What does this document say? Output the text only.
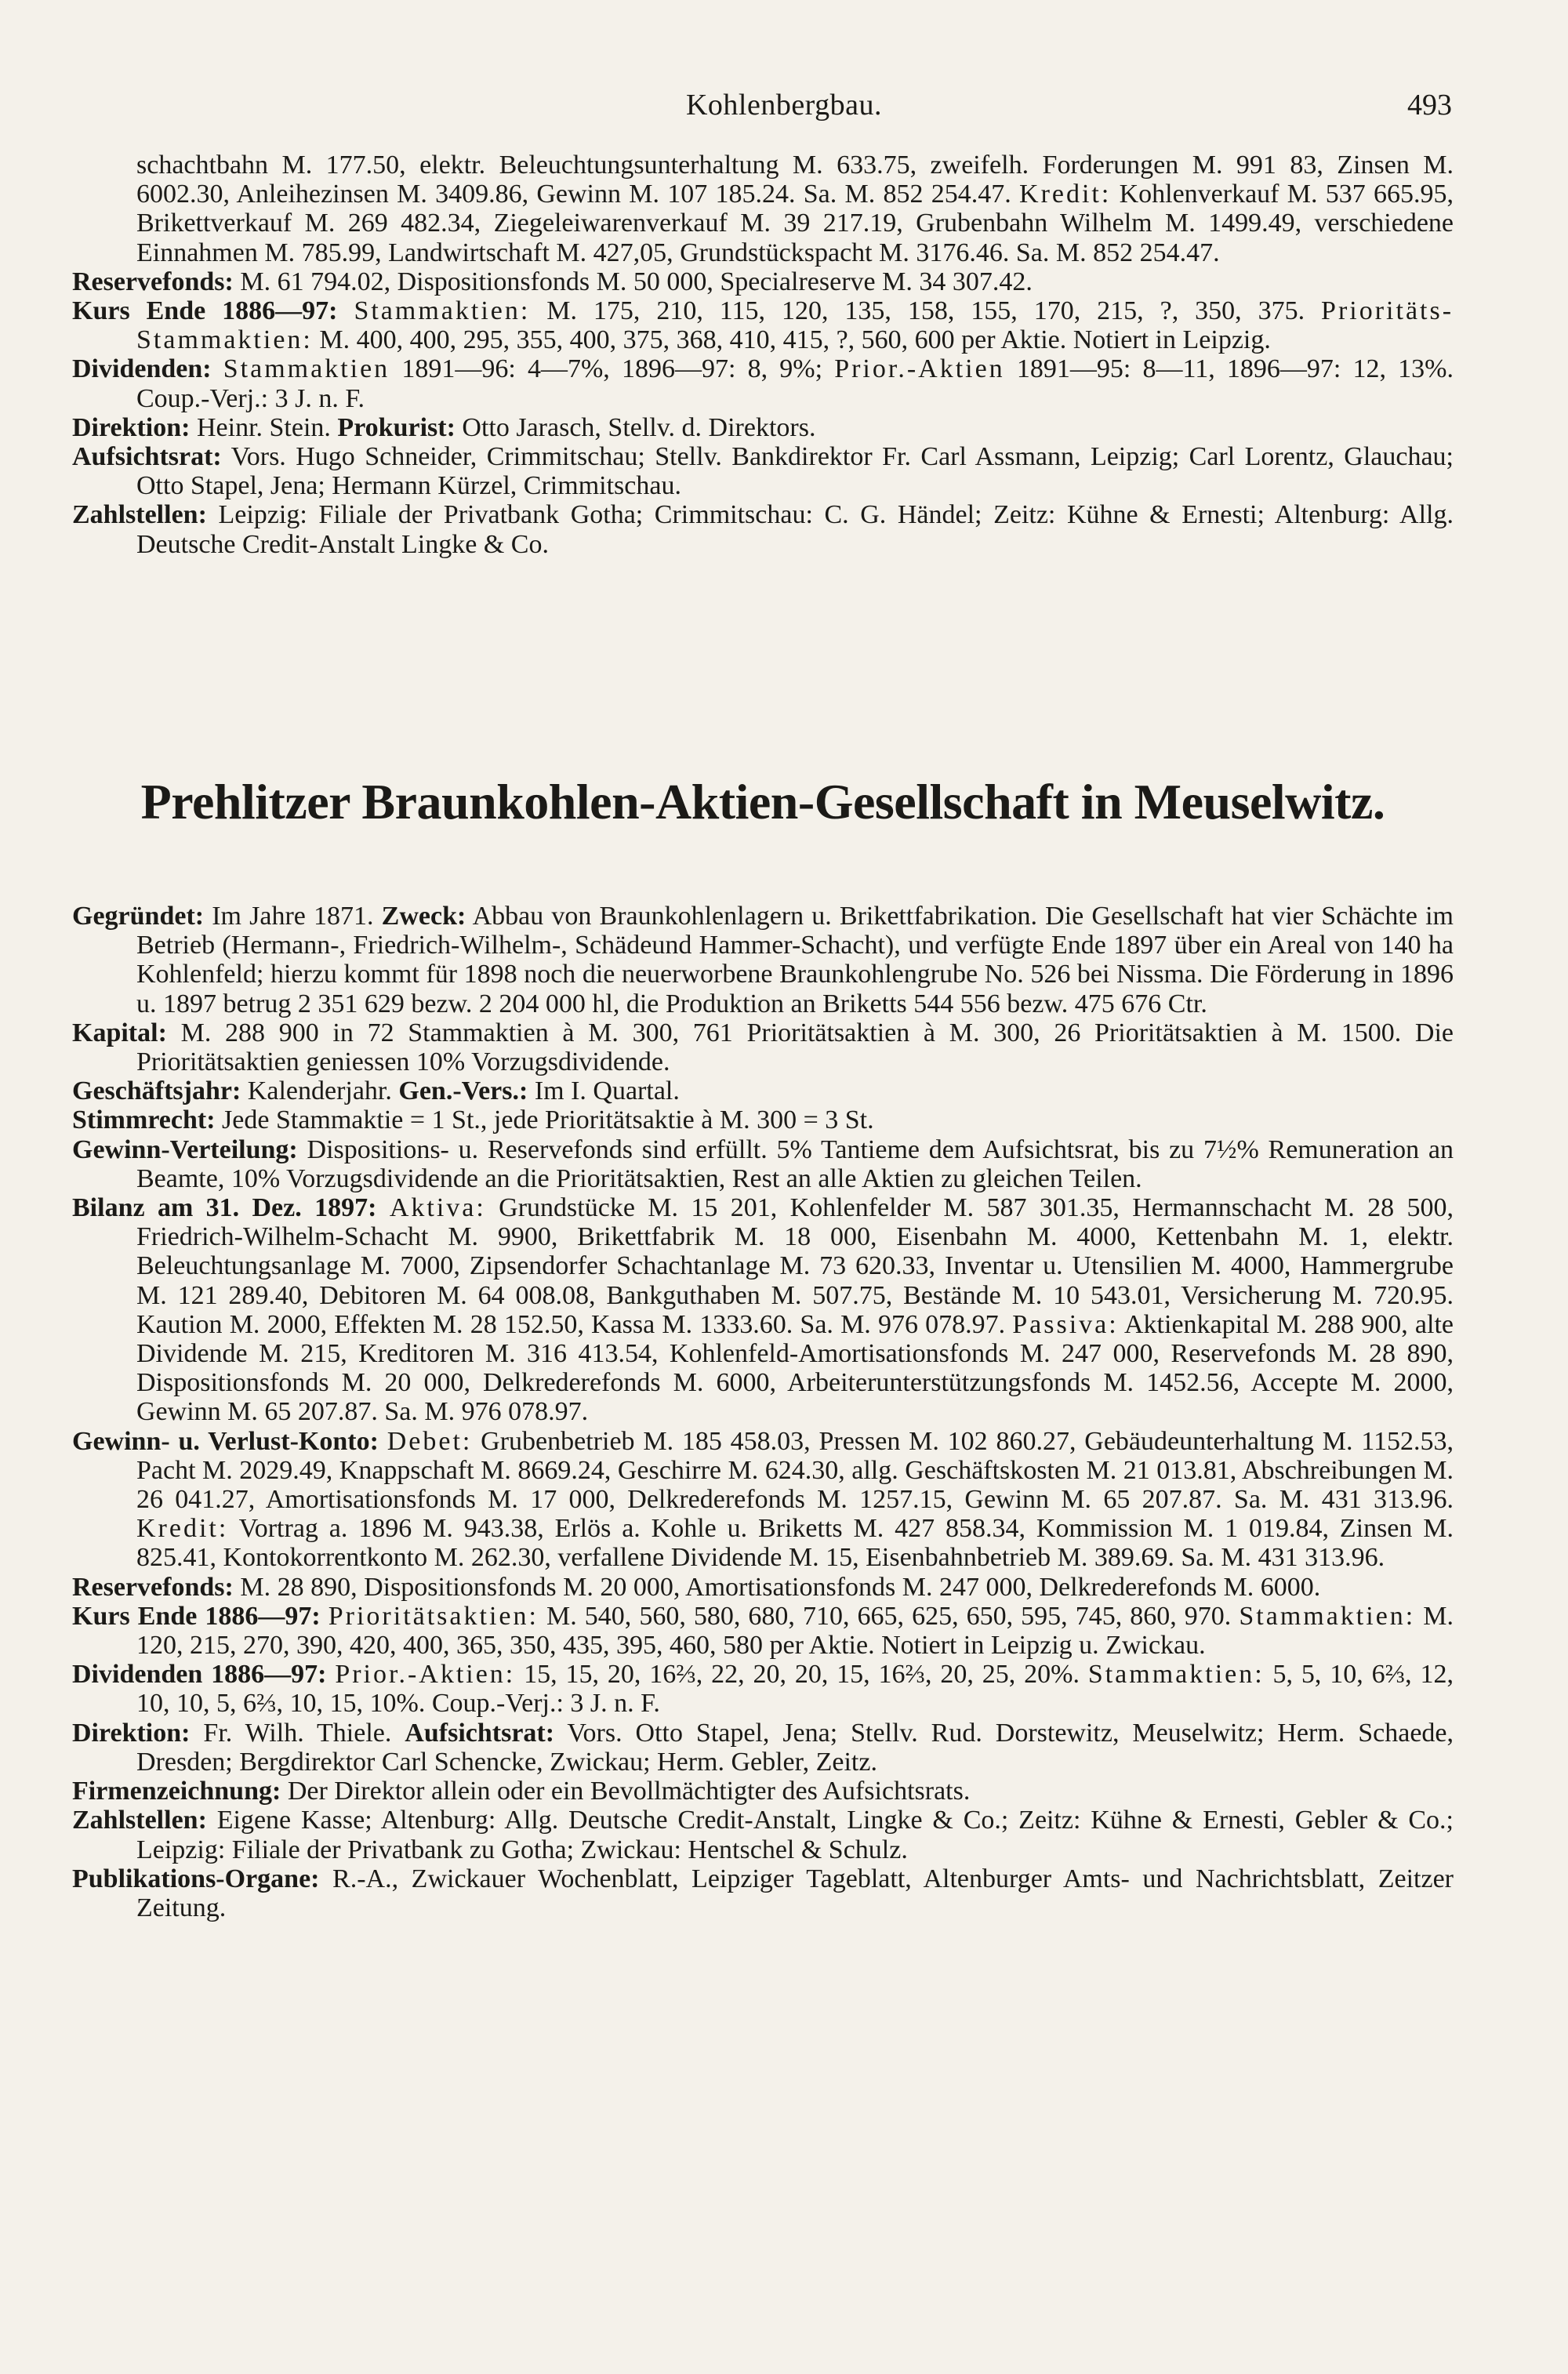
Kohlenbergbau.	493

schachtbahn M. 177.50, elektr. Beleuchtungsunterhaltung M. 633.75, zweifelh. Forderungen M. 991 83, Zinsen M. 6002.30, Anleihezinsen M. 3409.86, Gewinn M. 107 185.24. Sa. M. 852 254.47. Kredit: Kohlenverkauf M. 537 665.95, Brikettverkauf M. 269 482.34, Ziegeleiwarenverkauf M. 39 217.19, Grubenbahn Wilhelm M. 1499.49, verschiedene Einnahmen M. 785.99, Landwirtschaft M. 427,05, Grundstückspacht M. 3176.46. Sa. M. 852 254.47.

Reservefonds: M. 61 794.02, Dispositionsfonds M. 50 000, Specialreserve M. 34 307.42.

Kurs Ende 1886—97: Stammaktien: M. 175, 210, 115, 120, 135, 158, 155, 170, 215, ?, 350, 375. Prioritäts-Stammaktien: M. 400, 400, 295, 355, 400, 375, 368, 410, 415, ?, 560, 600 per Aktie. Notiert in Leipzig.

Dividenden: Stammaktien 1891—96: 4—7%, 1896—97: 8, 9%; Prior.-Aktien 1891—95: 8—11, 1896—97: 12, 13%. Coup.-Verj.: 3 J. n. F.

Direktion: Heinr. Stein. Prokurist: Otto Jarasch, Stellv. d. Direktors.

Aufsichtsrat: Vors. Hugo Schneider, Crimmitschau; Stellv. Bankdirektor Fr. Carl Assmann, Leipzig; Carl Lorentz, Glauchau; Otto Stapel, Jena; Hermann Kürzel, Crimmitschau.

Zahlstellen: Leipzig: Filiale der Privatbank Gotha; Crimmitschau: C. G. Händel; Zeitz: Kühne & Ernesti; Altenburg: Allg. Deutsche Credit-Anstalt Lingke & Co.

Prehlitzer Braunkohlen-Aktien-Gesellschaft in Meuselwitz.

Gegründet: Im Jahre 1871. Zweck: Abbau von Braunkohlenlagern u. Brikettfabrikation. Die Gesellschaft hat vier Schächte im Betrieb (Hermann-, Friedrich-Wilhelm-, Schädeund Hammer-Schacht), und verfügte Ende 1897 über ein Areal von 140 ha Kohlenfeld; hierzu kommt für 1898 noch die neuerworbene Braunkohlengrube No. 526 bei Nissma. Die Förderung in 1896 u. 1897 betrug 2 351 629 bezw. 2 204 000 hl, die Produktion an Briketts 544 556 bezw. 475 676 Ctr.

Kapital: M. 288 900 in 72 Stammaktien à M. 300, 761 Prioritätsaktien à M. 300, 26 Prioritätsaktien à M. 1500. Die Prioritätsaktien geniessen 10% Vorzugsdividende.

Geschäftsjahr: Kalenderjahr. Gen.-Vers.: Im I. Quartal.

Stimmrecht: Jede Stammaktie = 1 St., jede Prioritätsaktie à M. 300 = 3 St.

Gewinn-Verteilung: Dispositions- u. Reservefonds sind erfüllt. 5% Tantieme dem Aufsichtsrat, bis zu 7½% Remuneration an Beamte, 10% Vorzugsdividende an die Prioritätsaktien, Rest an alle Aktien zu gleichen Teilen.

Bilanz am 31. Dez. 1897: Aktiva: Grundstücke M. 15 201, Kohlenfelder M. 587 301.35, Hermannschacht M. 28 500, Friedrich-Wilhelm-Schacht M. 9900, Brikettfabrik M. 18 000, Eisenbahn M. 4000, Kettenbahn M. 1, elektr. Beleuchtungsanlage M. 7000, Zipsendorfer Schachtanlage M. 73 620.33, Inventar u. Utensilien M. 4000, Hammergrube M. 121 289.40, Debitoren M. 64 008.08, Bankguthaben M. 507.75, Bestände M. 10 543.01, Versicherung M. 720.95. Kaution M. 2000, Effekten M. 28 152.50, Kassa M. 1333.60. Sa. M. 976 078.97. Passiva: Aktienkapital M. 288 900, alte Dividende M. 215, Kreditoren M. 316 413.54, Kohlenfeld-Amortisationsfonds M. 247 000, Reservefonds M. 28 890, Dispositionsfonds M. 20 000, Delkrederefonds M. 6000, Arbeiterunterstützungsfonds M. 1452.56, Accepte M. 2000, Gewinn M. 65 207.87. Sa. M. 976 078.97.

Gewinn- u. Verlust-Konto: Debet: Grubenbetrieb M. 185 458.03, Pressen M. 102 860.27, Gebäudeunterhaltung M. 1152.53, Pacht M. 2029.49, Knappschaft M. 8669.24, Geschirre M. 624.30, allg. Geschäftskosten M. 21 013.81, Abschreibungen M. 26 041.27, Amortisationsfonds M. 17 000, Delkrederefonds M. 1257.15, Gewinn M. 65 207.87. Sa. M. 431 313.96. Kredit: Vortrag a. 1896 M. 943.38, Erlös a. Kohle u. Briketts M. 427 858.34, Kommission M. 1 019.84, Zinsen M. 825.41, Kontokorrentkonto M. 262.30, verfallene Dividende M. 15, Eisenbahnbetrieb M. 389.69. Sa. M. 431 313.96.

Reservefonds: M. 28 890, Dispositionsfonds M. 20 000, Amortisationsfonds M. 247 000, Delkrederefonds M. 6000.

Kurs Ende 1886—97: Prioritätsaktien: M. 540, 560, 580, 680, 710, 665, 625, 650, 595, 745, 860, 970. Stammaktien: M. 120, 215, 270, 390, 420, 400, 365, 350, 435, 395, 460, 580 per Aktie. Notiert in Leipzig u. Zwickau.

Dividenden 1886—97: Prior.-Aktien: 15, 15, 20, 16⅔, 22, 20, 20, 15, 16⅔, 20, 25, 20%. Stammaktien: 5, 5, 10, 6⅔, 12, 10, 10, 5, 6⅔, 10, 15, 10%. Coup.-Verj.: 3 J. n. F.

Direktion: Fr. Wilh. Thiele. Aufsichtsrat: Vors. Otto Stapel, Jena; Stellv. Rud. Dorstewitz, Meuselwitz; Herm. Schaede, Dresden; Bergdirektor Carl Schencke, Zwickau; Herm. Gebler, Zeitz.

Firmenzeichnung: Der Direktor allein oder ein Bevollmächtigter des Aufsichtsrats.

Zahlstellen: Eigene Kasse; Altenburg: Allg. Deutsche Credit-Anstalt, Lingke & Co.; Zeitz: Kühne & Ernesti, Gebler & Co.; Leipzig: Filiale der Privatbank zu Gotha; Zwickau: Hentschel & Schulz.

Publikations-Organe: R.-A., Zwickauer Wochenblatt, Leipziger Tageblatt, Altenburger Amts- und Nachrichtsblatt, Zeitzer Zeitung.
